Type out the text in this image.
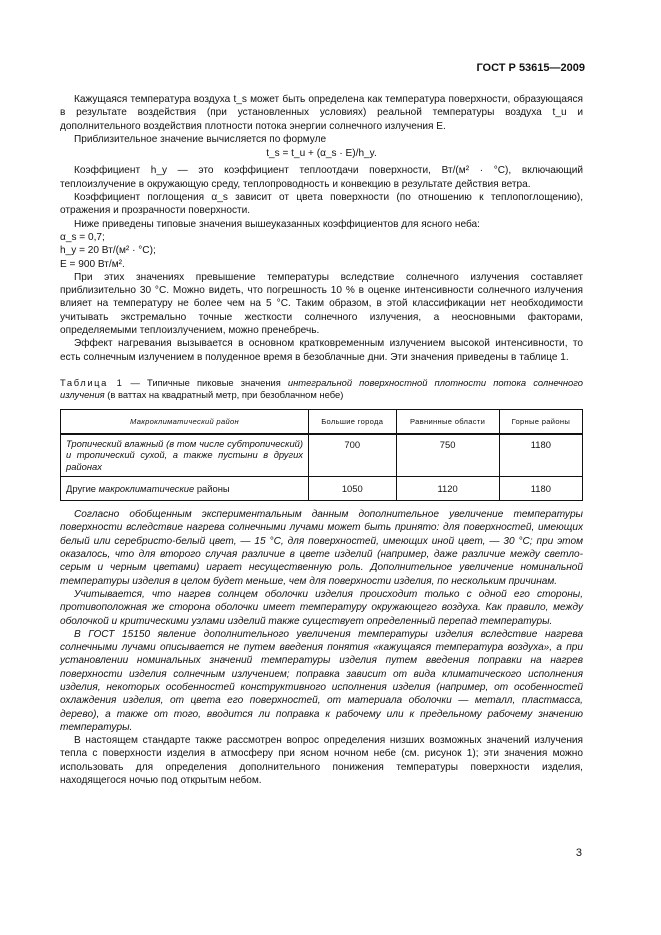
ГОСТ Р 53615—2009

Кажущаяся температура воздуха t_s может быть определена как температура поверхности, образующаяся в результате воздействия (при установленных условиях) реальной температуры воздуха t_u и дополнительного воздействия плотности потока энергии солнечного излучения E.

Приблизительное значение вычисляется по формуле

t_s = t_u + (α_s · E)/h_y.

Коэффициент h_y — это коэффициент теплоотдачи поверхности, Вт/(м² · °С), включающий теплоизлучение в окружающую среду, теплопроводность и конвекцию в результате действия ветра.

Коэффициент поглощения α_s зависит от цвета поверхности (по отношению к теплопоглощению), отражения и прозрачности поверхности.

Ниже приведены типовые значения вышеуказанных коэффициентов для ясного неба:

α_s = 0,7;

h_y = 20 Вт/(м² · °С);

E = 900 Вт/м².

При этих значениях превышение температуры вследствие солнечного излучения составляет приблизительно 30 °С. Можно видеть, что погрешность 10 % в оценке интенсивности солнечного излучения влияет на температуру не более чем на 5 °С. Таким образом, в этой классификации нет необходимости учитывать экстремально точные жесткости солнечного излучения, а неосновными факторами, определяемыми теплоизлучением, можно пренебречь.

Эффект нагревания вызывается в основном кратковременным излучением высокой интенсивности, то есть солнечным излучением в полуденное время в безоблачные дни. Эти значения приведены в таблице 1.

Таблица 1 — Типичные пиковые значения интегральной поверхностной плотности потока солнечного излучения (в ваттах на квадратный метр, при безоблачном небе)

Макроклиматический район	Большие города	Равнинные области	Горные районы
Тропический влажный (в том числе субтропический) и тропический сухой, а также пустыни в других районах	700	750	1180
Другие макроклиматические районы	1050	1120	1180

Согласно обобщенным экспериментальным данным дополнительное увеличение температуры поверхности вследствие нагрева солнечными лучами может быть принято: для поверхностей, имеющих белый или серебристо-белый цвет, — 15 °С, для поверхностей, имеющих иной цвет, — 30 °С; при этом оказалось, что для второго случая различие в цвете изделий (например, даже различие между светло-серым и черным цветами) играет несущественную роль. Дополнительное увеличение номинальной температуры изделия в целом будет меньше, чем для поверхности изделия, по нескольким причинам.

Учитывается, что нагрев солнцем оболочки изделия происходит только с одной его стороны, противоположная же сторона оболочки имеет температуру окружающего воздуха. Как правило, между оболочкой и критическими узлами изделий также существует определенный перепад температуры.

В ГОСТ 15150 явление дополнительного увеличения температуры изделия вследствие нагрева солнечными лучами описывается не путем введения понятия «кажущаяся температура воздуха», а при установлении номинальных значений температуры изделия путем введения поправки на нагрев поверхности изделия солнечным излучением; поправка зависит от вида климатического исполнения изделия, некоторых особенностей конструктивного исполнения изделия (например, от особенностей охлаждения изделия, от цвета его поверхностей, от материала оболочки — металл, пластмасса, дерево), а также от того, вводится ли поправка к рабочему или к предельному рабочему значению температуры.

В настоящем стандарте также рассмотрен вопрос определения низших возможных значений излучения тепла с поверхности изделия в атмосферу при ясном ночном небе (см. рисунок 1); эти значения можно использовать для определения дополнительного понижения температуры поверхности изделия, находящегося ночью под открытым небом.

3
